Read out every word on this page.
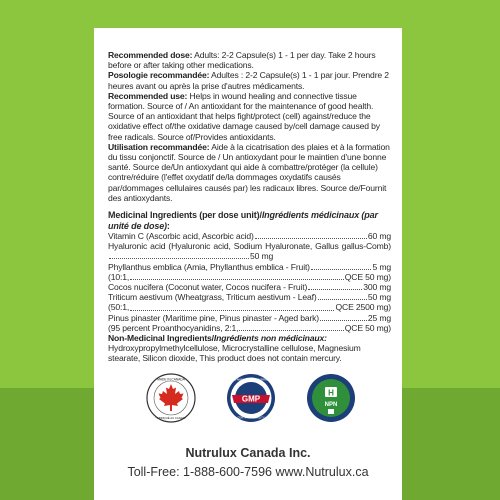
Recommended dose: Adults: 2-2 Capsule(s) 1 - 1 per day. Take 2 hours before or after taking other medications.

Posologie recommandée: Adultes : 2-2 Capsule(s) 1 - 1 par jour. Prendre 2 heures avant ou après la prise d'autres médicaments.

Recommended use: Helps in wound healing and connective tissue formation. Source of / An antioxidant for the maintenance of good health. Source of an antioxidant that helps fight/protect (cell) against/reduce the oxidative effect of/the oxidative damage caused by/cell damage caused by free radicals. Source of/Provides antioxidants.

Utilisation recommandée: Aide à la cicatrisation des plaies et à la formation du tissu conjonctif. Source de / Un antioxydant pour le maintien d'une bonne santé. Source de/Un antioxydant qui aide à combattre/protéger (la cellule) contre/réduire (l'effet oxydatif de/la dommages oxydatifs causés par/dommages cellulaires causés par) les radicaux libres. Source de/Fournit des antioxydants.

Medicinal Ingredients (per dose unit)/Ingrédients médicinaux (par unité de dose):

Vitamin C (Ascorbic acid, Ascorbic acid)	60 mg
Hyaluronic acid (Hyaluronic acid, Sodium Hyaluronate, Gallus gallus-Comb)50 mg
Phyllanthus emblica (Amia, Phyllanthus emblica - Fruit)	5 mg
(10:1,	QCE 50 mg)
Cocos nucifera (Coconut water, Cocos nucifera - Fruit)	300 mg
Triticum aestivum (Wheatgrass, Triticum aestivum - Leaf)	50 mg
(50:1,	QCE 2500 mg)
Pinus pinaster (Maritime pine, Pinus pinaster - Aged bark)	25 mg
(95 percent Proanthocyanidins, 2:1,	QCE 50 mg)

Non-Medicinal Ingredients/Ingrédients non médicinaux:
Hydroxypropylmethylcellulose, Microcrystalline cellulose, Magnesium stearate, Silicon dioxide, This product does not contain mercury.

MADE IN CANADA
FABRIQUÉ AU CANADA
GMP
GOOD MANUFACTURING PRACTICE
CERTIFIED QUALITY
H
NPN
Nutrulux Canada Inc.
Toll-Free: 1-888-600-7596 www.Nutrulux.ca
